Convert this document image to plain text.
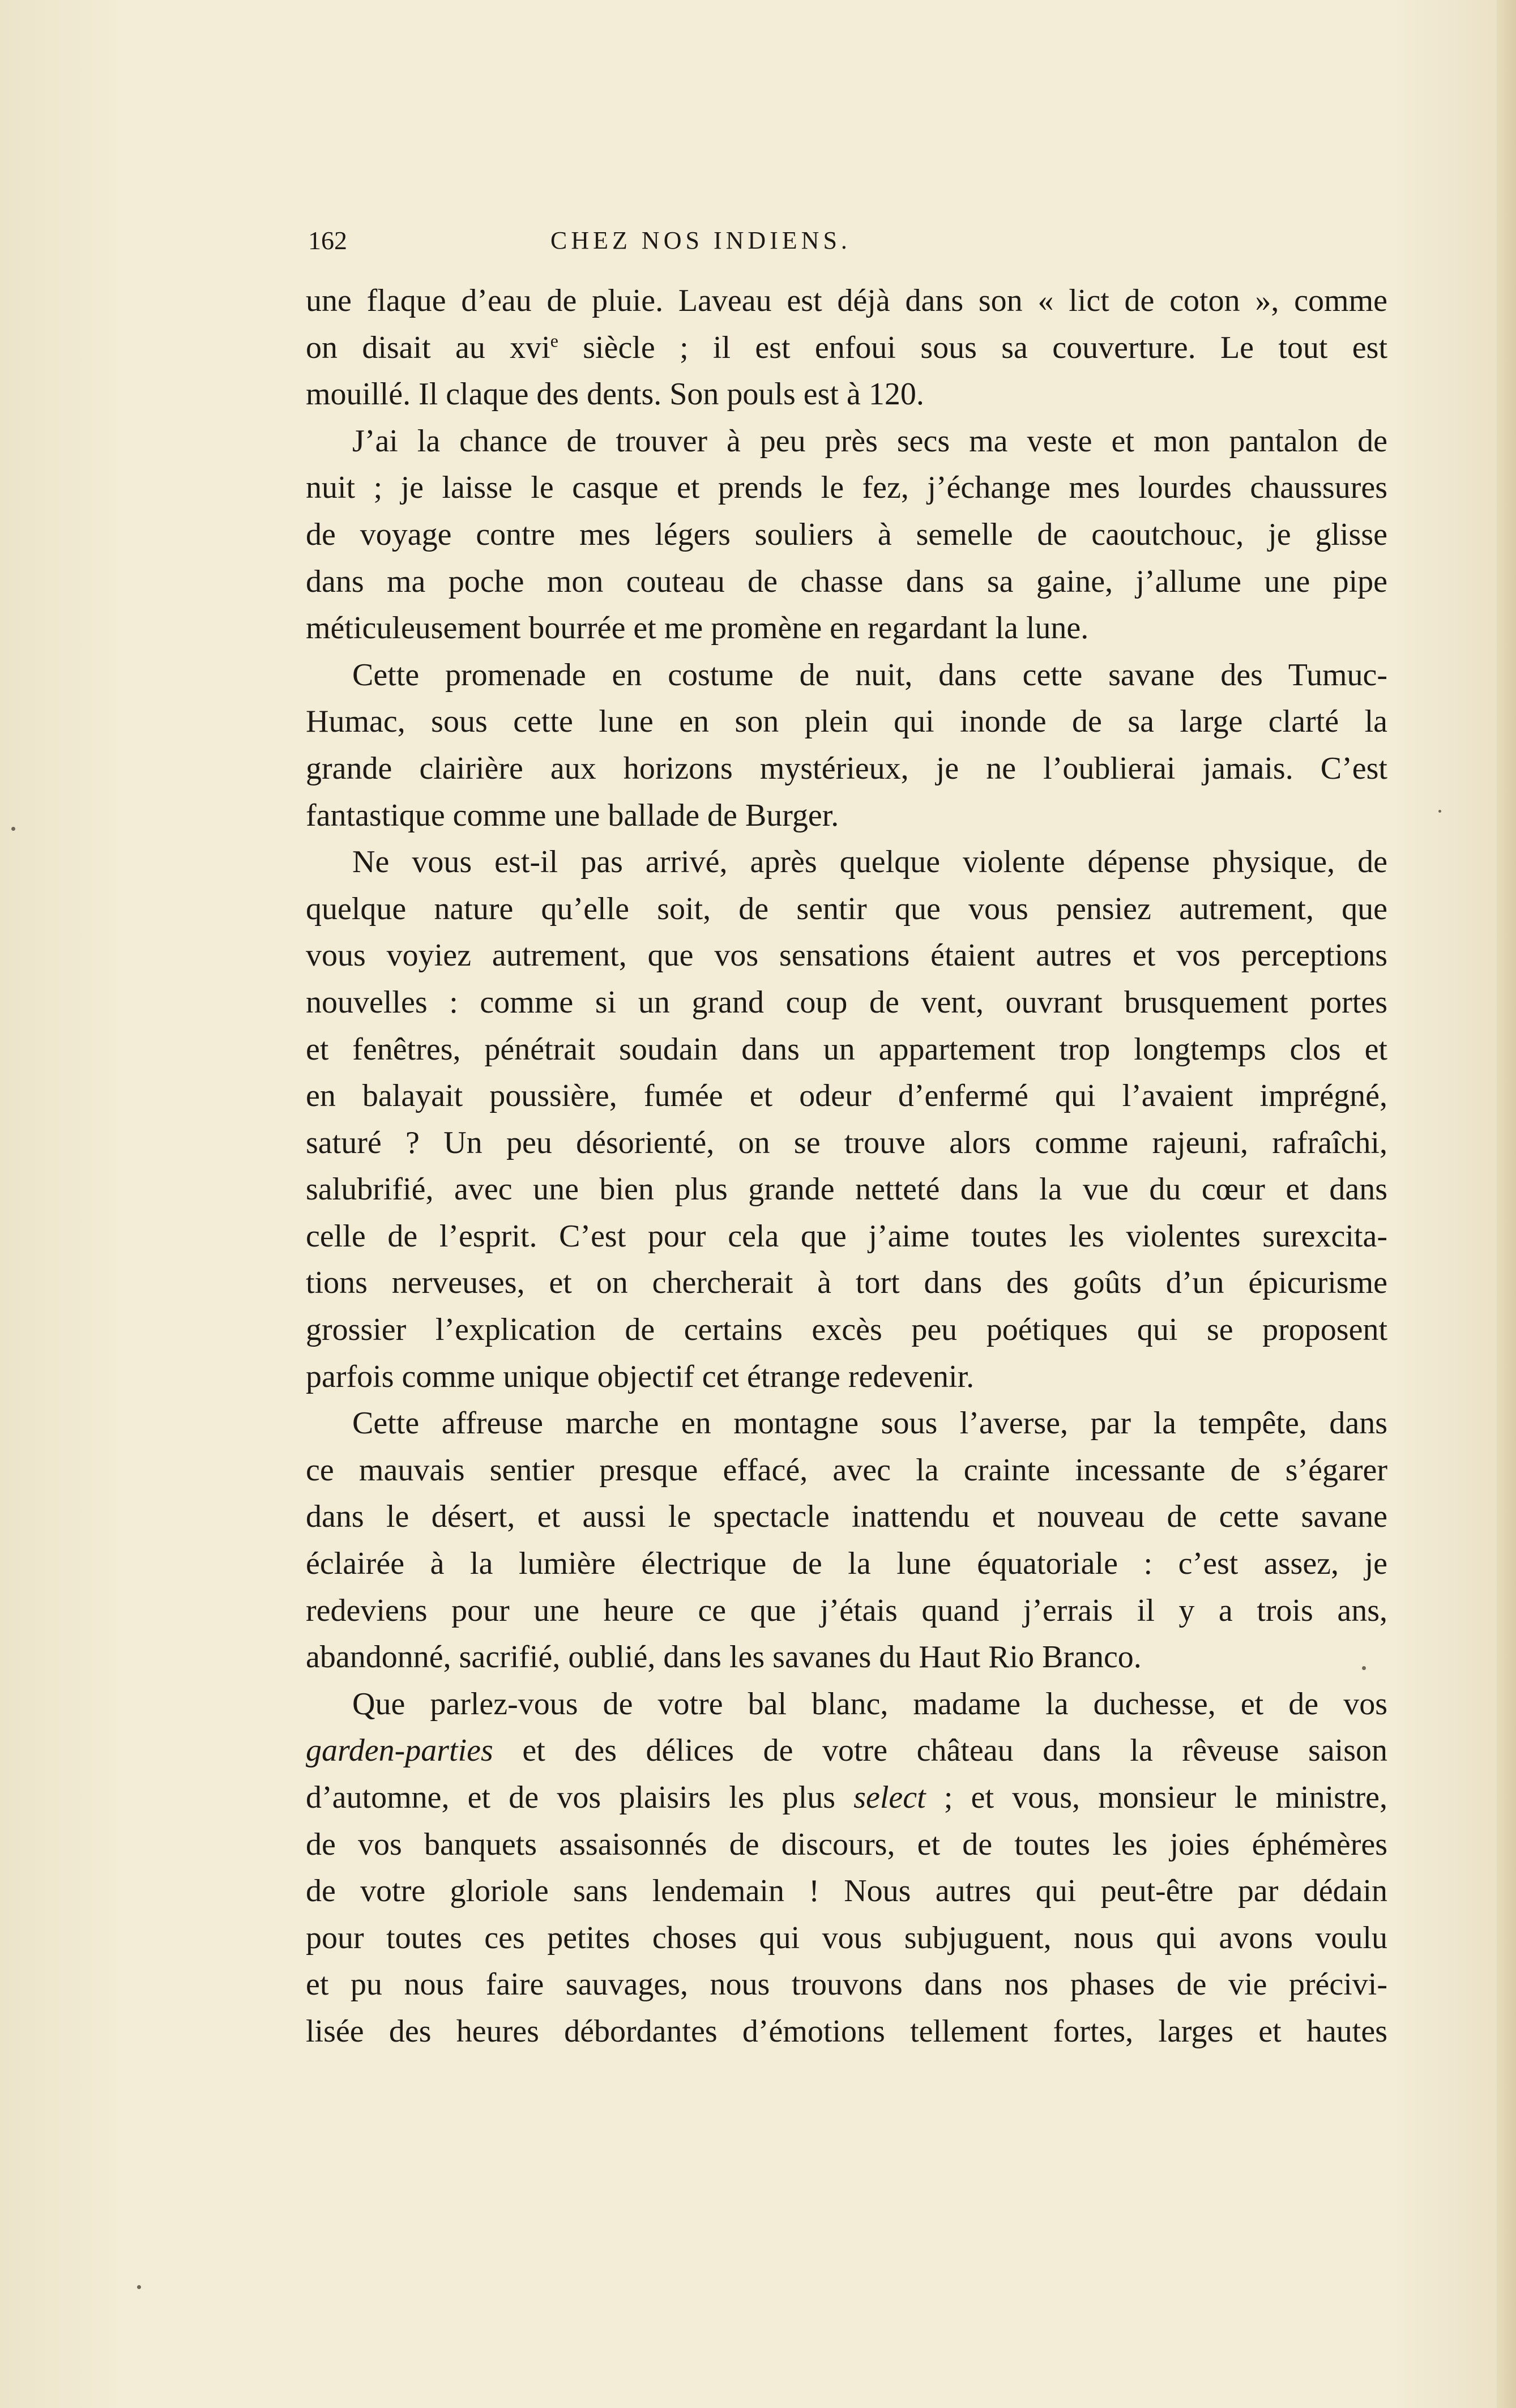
162	CHEZ NOS INDIENS.
une flaque d’eau de pluie. Laveau est déjà dans son « lict de coton », comme
on disait au xvi$^e$ siècle ; il est enfoui sous sa couverture. Le tout est
mouillé. Il claque des dents. Son pouls est à 120.
J’ai la chance de trouver à peu près secs ma veste et mon pantalon de
nuit ; je laisse le casque et prends le fez, j’échange mes lourdes chaussures
de voyage contre mes légers souliers à semelle de caoutchouc, je glisse
dans ma poche mon couteau de chasse dans sa gaine, j’allume une pipe
méticuleusement bourrée et me promène en regardant la lune.
Cette promenade en costume de nuit, dans cette savane des Tumuc-
Humac, sous cette lune en son plein qui inonde de sa large clarté la
grande clairière aux horizons mystérieux, je ne l’oublierai jamais. C’est
fantastique comme une ballade de Burger.
Ne vous est-il pas arrivé, après quelque violente dépense physique, de
quelque nature qu’elle soit, de sentir que vous pensiez autrement, que
vous voyiez autrement, que vos sensations étaient autres et vos perceptions
nouvelles : comme si un grand coup de vent, ouvrant brusquement portes
et fenêtres, pénétrait soudain dans un appartement trop longtemps clos et
en balayait poussière, fumée et odeur d’enfermé qui l’avaient imprégné,
saturé ? Un peu désorienté, on se trouve alors comme rajeuni, rafraîchi,
salubrifié, avec une bien plus grande netteté dans la vue du cœur et dans
celle de l’esprit. C’est pour cela que j’aime toutes les violentes surexcita-
tions nerveuses, et on chercherait à tort dans des goûts d’un épicurisme
grossier l’explication de certains excès peu poétiques qui se proposent
parfois comme unique objectif cet étrange redevenir.
Cette affreuse marche en montagne sous l’averse, par la tempête, dans
ce mauvais sentier presque effacé, avec la crainte incessante de s’égarer
dans le désert, et aussi le spectacle inattendu et nouveau de cette savane
éclairée à la lumière électrique de la lune équatoriale : c’est assez, je
redeviens pour une heure ce que j’étais quand j’errais il y a trois ans,
abandonné, sacrifié, oublié, dans les savanes du Haut Rio Branco.
Que parlez-vous de votre bal blanc, madame la duchesse, et de vos
garden-parties et des délices de votre château dans la rêveuse saison
d’automne, et de vos plaisirs les plus select ; et vous, monsieur le ministre,
de vos banquets assaisonnés de discours, et de toutes les joies éphémères
de votre gloriole sans lendemain ! Nous autres qui peut-être par dédain
pour toutes ces petites choses qui vous subjuguent, nous qui avons voulu
et pu nous faire sauvages, nous trouvons dans nos phases de vie précivi-
lisée des heures débordantes d’émotions tellement fortes, larges et hautes
